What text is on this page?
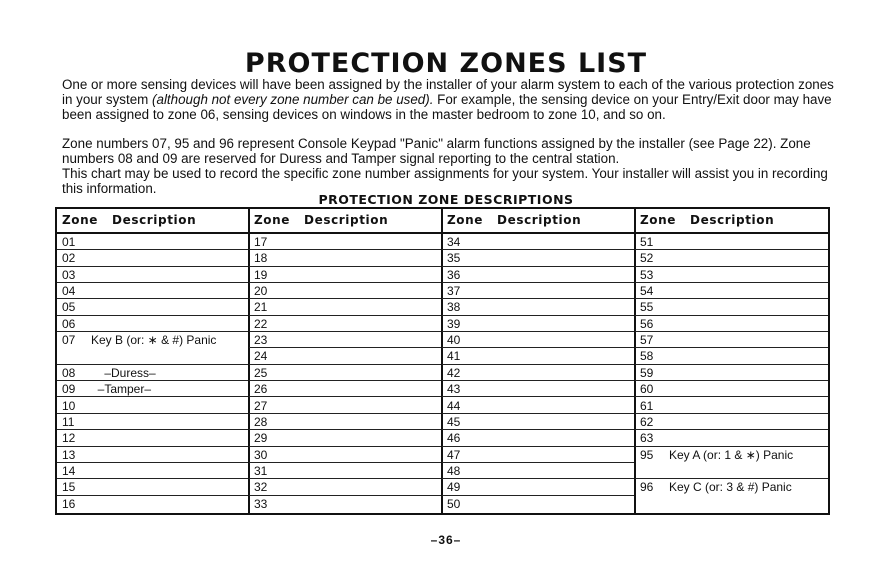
PROTECTION ZONES LIST

One or more sensing devices will have been assigned by the installer of your alarm system to each of the various protection zones in your system (although not every zone number can be used). For example, the sensing device on your Entry/Exit door may have been assigned to zone 06, sensing devices on windows in the master bedroom to zone 10, and so on.

Zone numbers 07, 95 and 96 represent Console Keypad "Panic" alarm functions assigned by the installer (see Page 22). Zone numbers 08 and 09 are reserved for Duress and Tamper signal reporting to the central station.

This chart may be used to record the specific zone number assignments for your system. Your installer will assist you in recording this information.

PROTECTION ZONE DESCRIPTIONS
Zone Description
01
02
03
04
05
06
07 Key B (or: ∗ & #) Panic
08    –Duress–
09  –Tamper–
10
11
12
13
14
15
16
Zone Description
17
18
19
20
21
22
23
24
25
26
27
28
29
30
31
32
33
Zone Description
34
35
36
37
38
39
40
41
42
43
44
45
46
47
48
49
50
Zone Description
51
52
53
54
55
56
57
58
59
60
61
62
63
95 Key A (or: 1 & ∗) Panic
96 Key C (or: 3 & #) Panic
–36–
